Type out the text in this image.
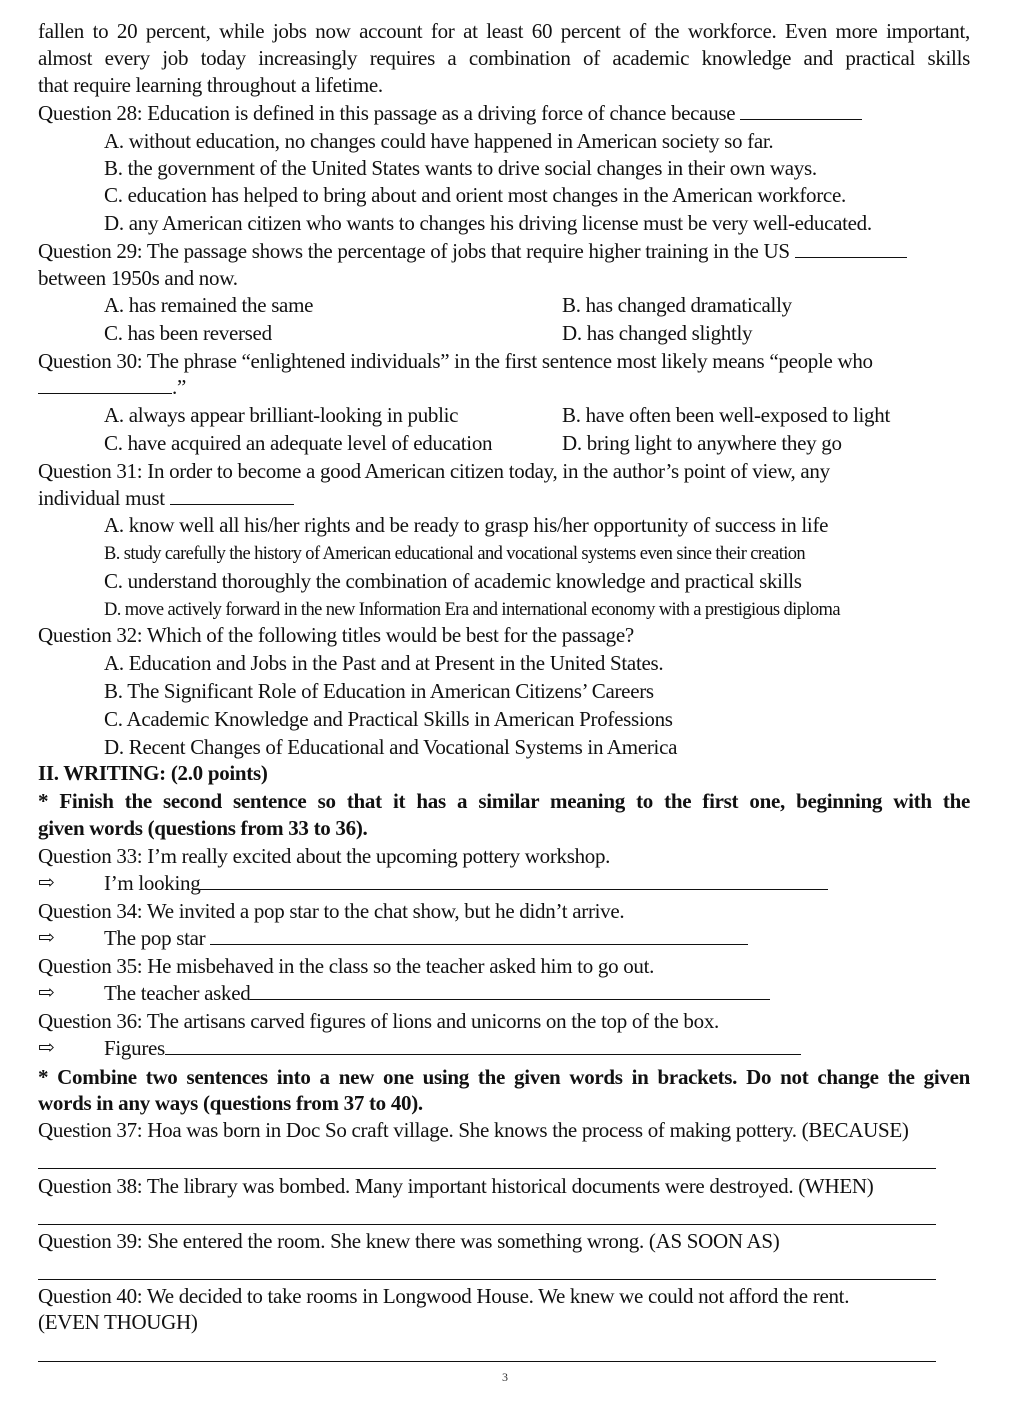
fallen to 20 percent, while jobs now account for at least 60 percent of the workforce. Even more important,
almost every job today increasingly requires a combination of academic knowledge and practical skills
that require learning throughout a lifetime.
Question 28: Education is defined in this passage as a driving force of chance because
A. without education, no changes could have happened in American society so far.
B. the government of the United States wants to drive social changes in their own ways.
C. education has helped to bring about and orient most changes in the American workforce.
D. any American citizen who wants to changes his driving license must be very well-educated.
Question 29: The passage shows the percentage of jobs that require higher training in the US
between 1950s and now.
A. has remained the same	B. has changed dramatically
C. has been reversed	D. has changed slightly
Question 30: The phrase “enlightened individuals” in the first sentence most likely means “people who
.”
A. always appear brilliant-looking in public	B. have often been well-exposed to light
C. have acquired an adequate level of education	D. bring light to anywhere they go
Question 31: In order to become a good American citizen today, in the author’s point of view, any
individual must
A. know well all his/her rights and be ready to grasp his/her opportunity of success in life
B. study carefully the history of American educational and vocational systems even since their creation
C. understand thoroughly the combination of academic knowledge and practical skills
D. move actively forward in the new Information Era and international economy with a prestigious diploma
Question 32: Which of the following titles would be best for the passage?
A. Education and Jobs in the Past and at Present in the United States.
B. The Significant Role of Education in American Citizens’ Careers
C. Academic Knowledge and Practical Skills in American Professions
D. Recent Changes of Educational and Vocational Systems in America
II. WRITING: (2.0 points)
* Finish the second sentence so that it has a similar meaning to the first one, beginning with the
given words (questions from 33 to 36).
Question 33: I’m really excited about the upcoming pottery workshop.
⇨ I’m looking
Question 34: We invited a pop star to the chat show, but he didn’t arrive.
⇨ The pop star
Question 35: He misbehaved in the class so the teacher asked him to go out.
⇨ The teacher asked
Question 36: The artisans carved figures of lions and unicorns on the top of the box.
⇨ Figures
* Combine two sentences into a new one using the given words in brackets. Do not change the given
words in any ways (questions from 37 to 40).
Question 37: Hoa was born in Doc So craft village. She knows the process of making pottery. (BECAUSE)
Question 38: The library was bombed. Many important historical documents were destroyed. (WHEN)
Question 39: She entered the room. She knew there was something wrong. (AS SOON AS)
Question 40: We decided to take rooms in Longwood House. We knew we could not afford the rent.
(EVEN THOUGH)
3
